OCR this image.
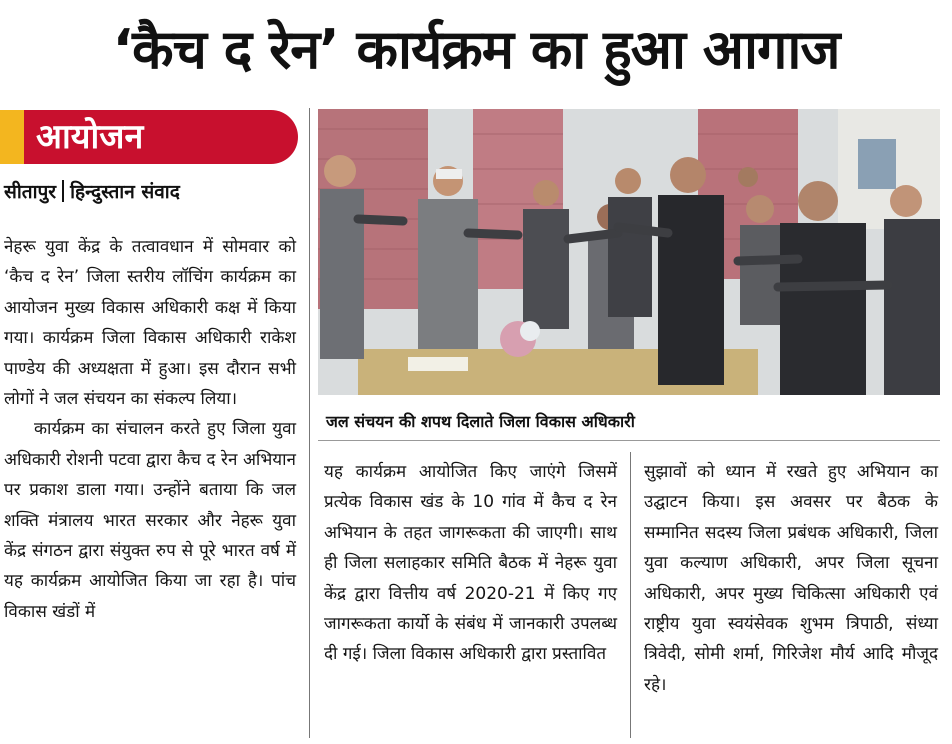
‘कैच द रेन’ कार्यक्रम का हुआ आगाज
आयोजन
सीतापुर हिन्दुस्तान संवाद

नेहरू युवा केंद्र के तत्वावधान में सोमवार को ‘कैच द रेन’ जिला स्तरीय लॉचिंग कार्यक्रम का आयोजन मुख्य विकास अधिकारी कक्ष में किया गया। कार्यक्रम जिला विकास अधिकारी राकेश पाण्डेय की अध्यक्षता में हुआ। इस दौरान सभी लोगों ने जल संचयन का संकल्प लिया।

कार्यक्रम का संचालन करते हुए जिला युवा अधिकारी रोशनी पटवा द्वारा कैच द रेन अभियान पर प्रकाश डाला गया। उन्होंने बताया कि जल शक्ति मंत्रालय भारत सरकार और नेहरू युवा केंद्र संगठन द्वारा संयुक्त रुप से पूरे भारत वर्ष में यह कार्यक्रम आयोजित किया जा रहा है। पांच विकास खंडों में

जल संचयन की शपथ दिलाते जिला विकास अधिकारी

यह कार्यक्रम आयोजित किए जाएंगे जिसमें प्रत्येक विकास खंड के 10 गांव में कैच द रेन अभियान के तहत जागरूकता की जाएगी। साथ ही जिला सलाहकार समिति बैठक में नेहरू युवा केंद्र द्वारा वित्तीय वर्ष 2020-21 में किए गए जागरूकता कार्यो के संबंध में जानकारी उपलब्ध दी गई। जिला विकास अधिकारी द्वारा प्रस्तावित

सुझावों को ध्यान में रखते हुए अभियान का उद्घाटन किया। इस अवसर पर बैठक के सम्मानित सदस्य जिला प्रबंधक अधिकारी, जिला युवा कल्याण अधिकारी, अपर जिला सूचना अधिकारी, अपर मुख्य चिकित्सा अधिकारी एवं राष्ट्रीय युवा स्वयंसेवक शुभम त्रिपाठी, संध्या त्रिवेदी, सोमी शर्मा, गिरिजेश मौर्य आदि मौजूद रहे।
